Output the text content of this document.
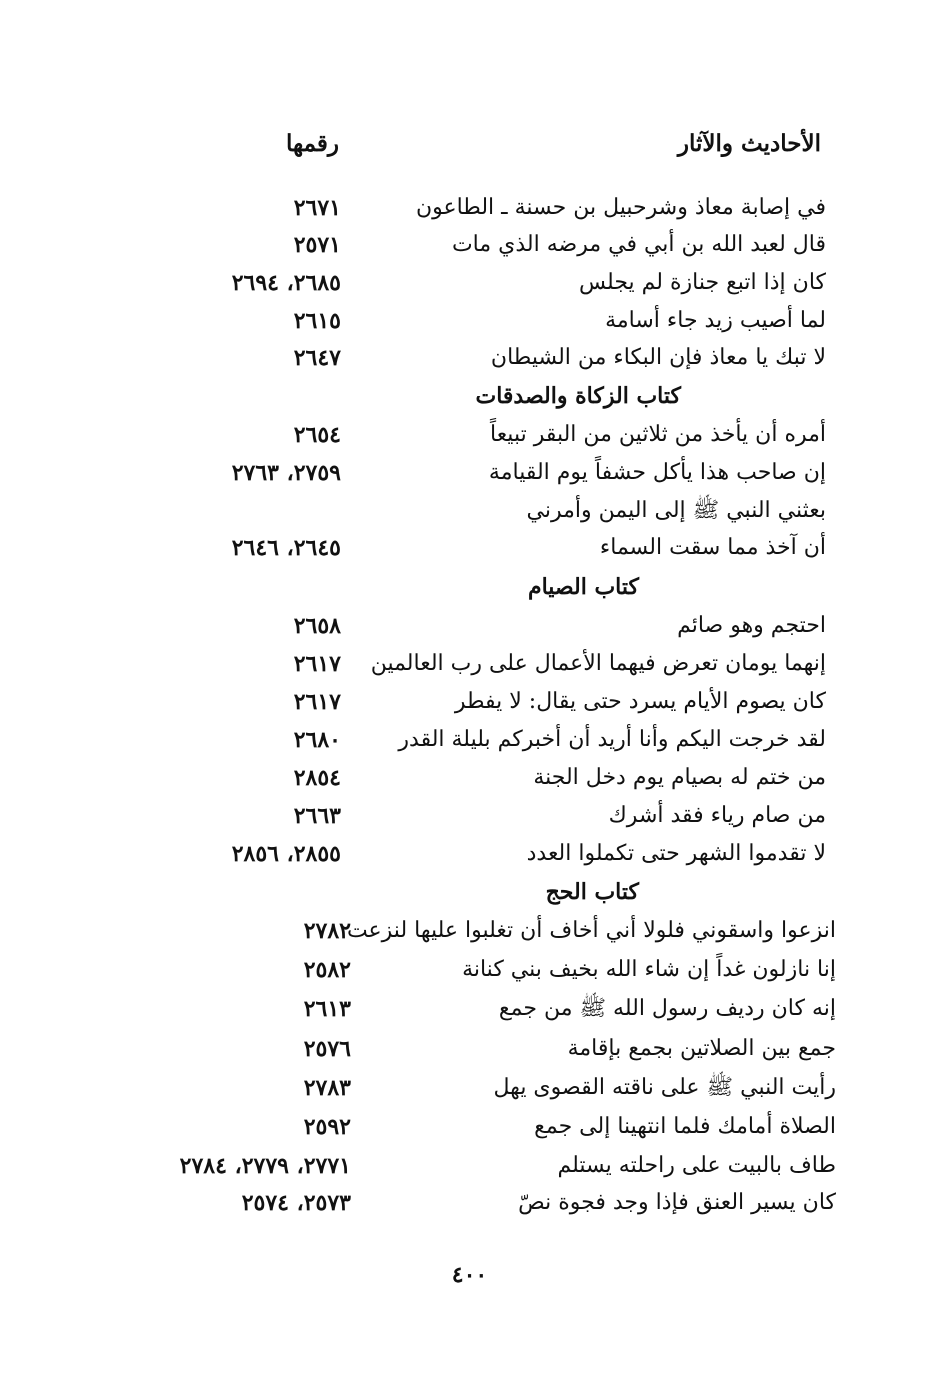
الأحاديث والآثار
رقمها
في إصابة معاذ وشرحبيل بن حسنة ـ الطاعون
٢٦٧١
قال لعبد الله بن أبي في مرضه الذي مات
٢٥٧١
كان إذا اتبع جنازة لم يجلس
٢٦٨٥، ٢٦٩٤
لما أصيب زيد جاء أسامة
٢٦١٥
لا تبك يا معاذ فإن البكاء من الشيطان
٢٦٤٧
كتاب الزكاة والصدقات
أمره أن يأخذ من ثلاثين من البقر تبيعاً
٢٦٥٤
إن صاحب هذا يأكل حشفاً يوم القيامة
٢٧٥٩، ٢٧٦٣
بعثني النبي ﷺ إلى اليمن وأمرني
أن آخذ مما سقت السماء
٢٦٤٥، ٢٦٤٦
كتاب الصيام
احتجم وهو صائم
٢٦٥٨
إنهما يومان تعرض فيهما الأعمال على رب العالمين
٢٦١٧
كان يصوم الأيام يسرد حتى يقال: لا يفطر
٢٦١٧
لقد خرجت اليكم وأنا أريد أن أخبركم بليلة القدر
٢٦٨٠
من ختم له بصيام يوم دخل الجنة
٢٨٥٤
من صام رياء فقد أشرك
٢٦٦٣
لا تقدموا الشهر حتى تكملوا العدد
٢٨٥٥، ٢٨٥٦
كتاب الحج
انزعوا واسقوني فلولا أني أخاف أن تغلبوا عليها لنزعت
٢٧٨٢
إنا نازلون غداً إن شاء الله بخيف بني كنانة
٢٥٨٢
إنه كان رديف رسول الله ﷺ من جمع
٢٦١٣
جمع بين الصلاتين بجمع بإقامة
٢٥٧٦
رأيت النبي ﷺ على ناقته القصوى يهل
٢٧٨٣
الصلاة أمامك فلما انتهينا إلى جمع
٢٥٩٢
طاف بالبيت على راحلته يستلم
٢٧٧١، ٢٧٧٩، ٢٧٨٤
كان يسير العنق فإذا وجد فجوة نصّ
٢٥٧٣، ٢٥٧٤
٤٠٠
